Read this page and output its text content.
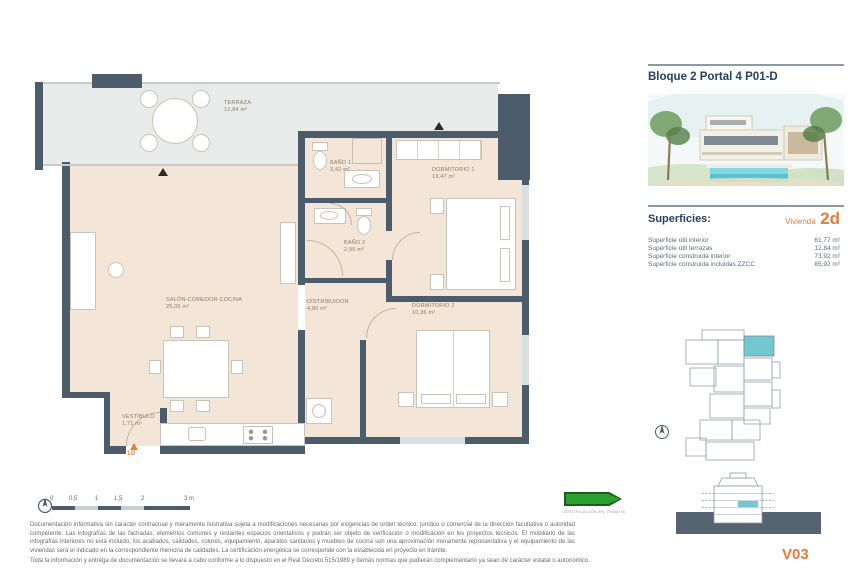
1D
TERRAZA
12,84 m²
SALÓN-COMEDOR COCINA
25,06 m²
BAÑO 1
3,42 m²	DORMITORIO 1
13,47 m²
BAÑO 2
2,95 m²
DISTRIBUIDOR
4,80 m²	DORMITORIO 2
10,36 m²
VESTÍBULO
1,71 m²
Bloque 2 Portal 4 P01-D
Superficies:	Vivienda 2d
Superficie útil interior	61,77 m²
Superficie útil terrazas	12,84 m²
Superficie construida interior	73,92 m²
Superficie construida incluidas ZZCC	85,92 m²
V03
0	0,5	1	1,5	2	3 m
CERTIFICACIÓN EN TRÁMITE
Documentación informativa sin carácter contractual y meramente ilustrativa sujeta a modificaciones necesarias por exigencias de orden técnico, jurídico o comercial de la dirección facultativa o autoridad competente. Las infografías de las fachadas, elementos comunes y restantes espacios orientativos y podrán ser objeto de verificación o modificación en los proyectos técnicos. El mobiliario de las infografías interiores no está incluido, los acabados, calidades, colores, equipamiento, aparatos sanitarios y muebles de cocina son una aproximación meramente representativa y el equipamiento de las viviendas será el indicado en la correspondiente memoria de calidades. La certificación energética se corresponde con la establecida en proyecto en trámite.
Toda la información y entrega de documentación se llevará a cabo conforme a lo dispuesto en el Real Decreto 515/1989 y demás normas que pudieran complementarlo ya sean de carácter estatal o autonómico.
